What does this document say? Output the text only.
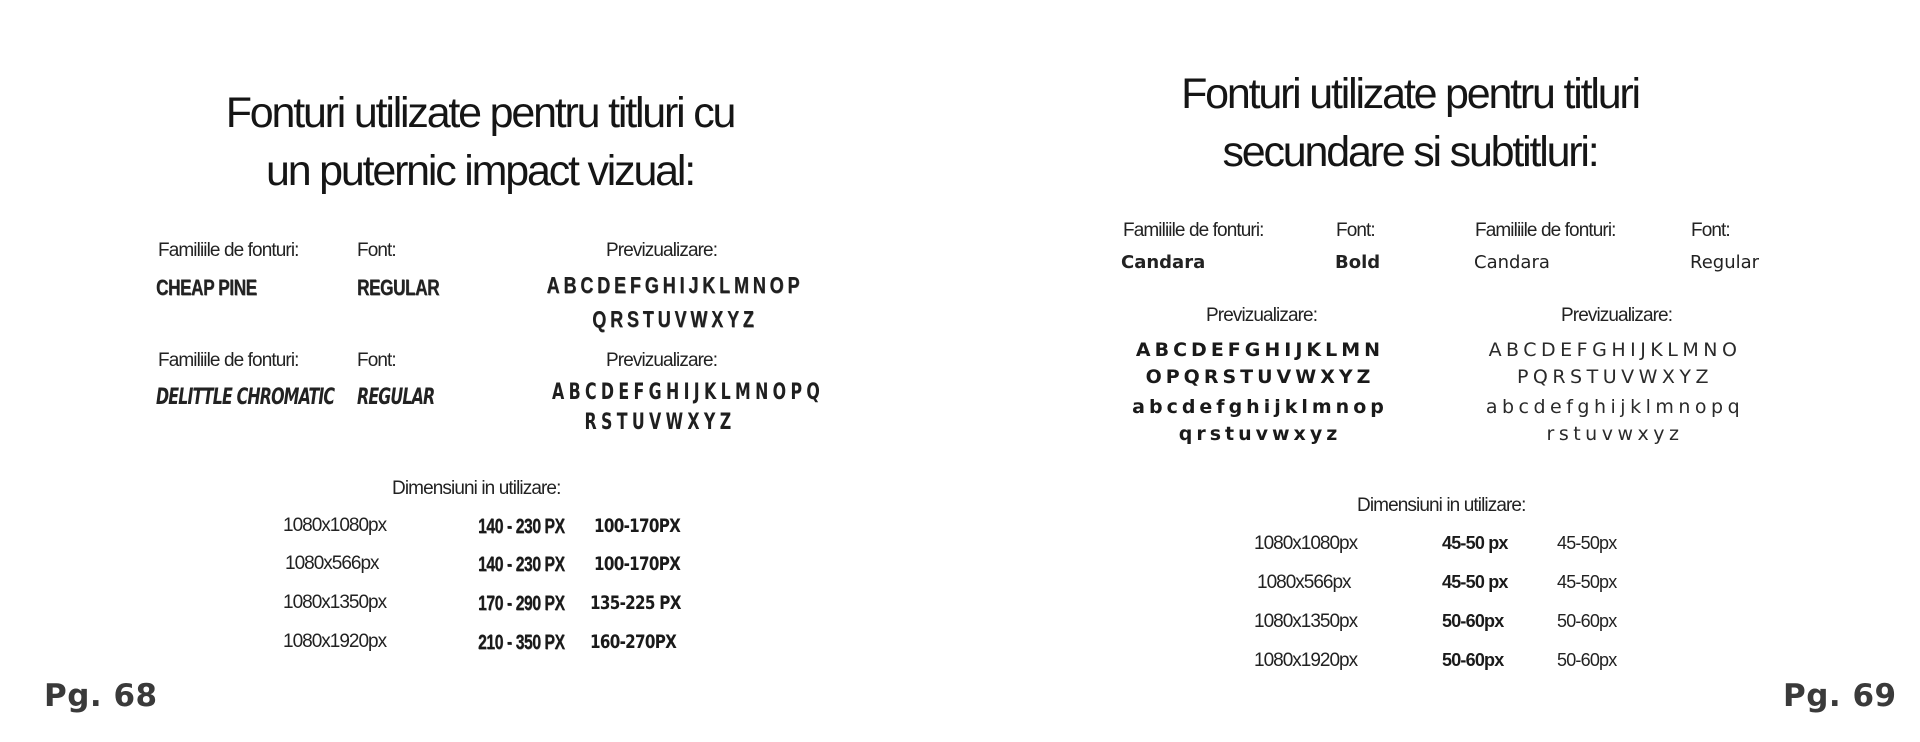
Fonturi utilizate pentru titluri cu
un puternic impact vizual:
Familiile de fonturi:
CHEAP PINE
Font:
REGULAR
Previzualizare:
ABCDEFGHIJKLMNOP
QRSTUVWXYZ
Familiile de fonturi:
DELITTLE CHROMATIC
Font:
REGULAR
Previzualizare:
ABCDEFGHIJKLMNOPQ
RSTUVWXYZ
Dimensiuni in utilizare:
1080x1080px	140 - 230 PX 100-170PX
1080x566px	140 - 230 PX 100-170PX
1080x1350px	170 - 290 PX 135-225 PX
1080x1920px	210 - 350 PX 160-270PX
Pg. 68
Fonturi utilizate pentru titluri
secundare si subtitluri:
Familiile de fonturi:
Candara
Font:
Bold
Familiile de fonturi:
Candara
Font:
Regular
Previzualizare:
ABCDEFGHIJKLMN
OPQRSTUVWXYZ
abcdefghijklmnop
qrstuvwxyz
Previzualizare:
ABCDEFGHIJKLMNO
PQRSTUVWXYZ
abcdefghijklmnopq
rstuvwxyz
Dimensiuni in utilizare:
1080x1080px	45-50 px	45-50px
1080x566px	45-50 px	45-50px
1080x1350px	50-60px	50-60px
1080x1920px	50-60px	50-60px
Pg. 69
